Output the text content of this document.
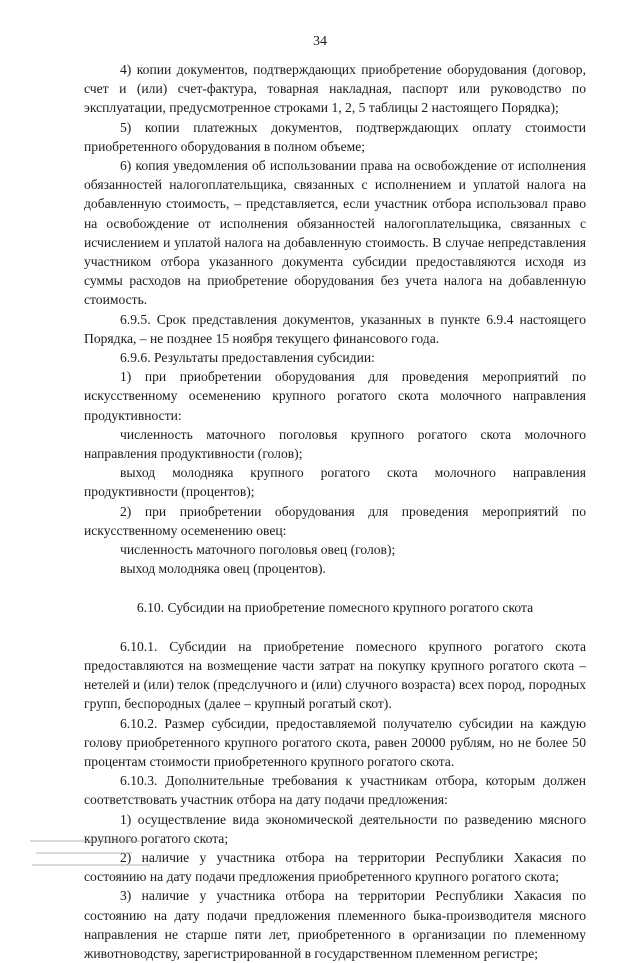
34

4) копии документов, подтверждающих приобретение оборудования (договор, счет и (или) счет-фактура, товарная накладная, паспорт или руководство по эксплуатации, предусмотренное строками 1, 2, 5 таблицы 2 настоящего Порядка);

5) копии платежных документов, подтверждающих оплату стоимости приобретенного оборудования в полном объеме;

6) копия уведомления об использовании права на освобождение от исполнения обязанностей налогоплательщика, связанных с исполнением и уплатой налога на добавленную стоимость, – представляется, если участник отбора использовал право на освобождение от исполнения обязанностей налогоплательщика, связанных с исчислением и уплатой налога на добавленную стоимость. В случае непредставления участником отбора указанного документа субсидии предоставляются исходя из суммы расходов на приобретение оборудования без учета налога на добавленную стоимость.

6.9.5. Срок представления документов, указанных в пункте 6.9.4 настоящего Порядка, – не позднее 15 ноября текущего финансового года.

6.9.6. Результаты предоставления субсидии:

1) при приобретении оборудования для проведения мероприятий по искусственному осеменению крупного рогатого скота молочного направления продуктивности:

численность маточного поголовья крупного рогатого скота молочного направления продуктивности (голов);

выход молодняка крупного рогатого скота молочного направления продуктивности (процентов);

2) при приобретении оборудования для проведения мероприятий по искусственному осеменению овец:

численность маточного поголовья овец (голов);

выход молодняка овец (процентов).

6.10. Субсидии на приобретение помесного крупного рогатого скота

6.10.1. Субсидии на приобретение помесного крупного рогатого скота предоставляются на возмещение части затрат на покупку крупного рогатого скота – нетелей и (или) телок (предслучного и (или) случного возраста) всех пород, породных групп, беспородных (далее – крупный рогатый скот).

6.10.2. Размер субсидии, предоставляемой получателю субсидии на каждую голову приобретенного крупного рогатого скота, равен 20000 рублям, но не более 50 процентам стоимости приобретенного крупного рогатого скота.

6.10.3. Дополнительные требования к участникам отбора, которым должен соответствовать участник отбора на дату подачи предложения:

1) осуществление вида экономической деятельности по разведению мясного крупного рогатого скота;

2) наличие у участника отбора на территории Республики Хакасия по состоянию на дату подачи предложения приобретенного крупного рогатого скота;

3) наличие у участника отбора на территории Республики Хакасия по состоянию на дату подачи предложения племенного быка-производителя мясного направления не старше пяти лет, приобретенного в организации по племенному животноводству, зарегистрированной в государственном племенном регистре;
